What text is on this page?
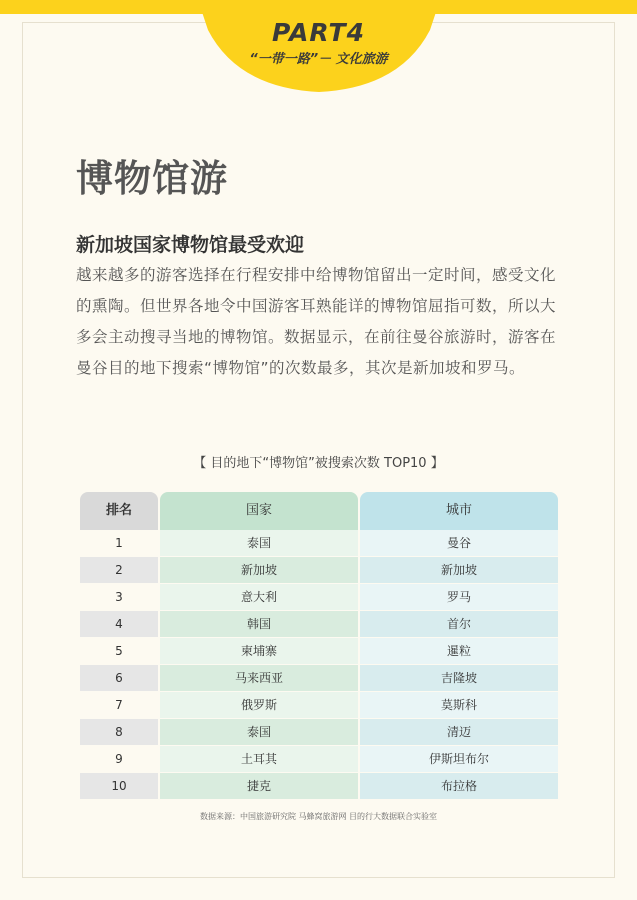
PART4
“一带一路”－ 文化旅游
博物馆游
新加坡国家博物馆最受欢迎

越来越多的游客选择在行程安排中给博物馆留出一定时间，感受文化的熏陶。但世界各地令中国游客耳熟能详的博物馆屈指可数，所以大多会主动搜寻当地的博物馆。数据显示，在前往曼谷旅游时，游客在曼谷目的地下搜索“博物馆”的次数最多，其次是新加坡和罗马。

【 目的地下“博物馆”被搜索次数 TOP10 】
排名	国家	城市
1	泰国	曼谷
2	新加坡	新加坡
3	意大利	罗马
4	韩国	首尔
5	柬埔寨	暹粒
6	马来西亚	吉隆坡
7	俄罗斯	莫斯科
8	泰国	清迈
9	土耳其	伊斯坦布尔
10	捷克	布拉格
数据来源：中国旅游研究院 马蜂窝旅游网 目的行大数据联合实验室
